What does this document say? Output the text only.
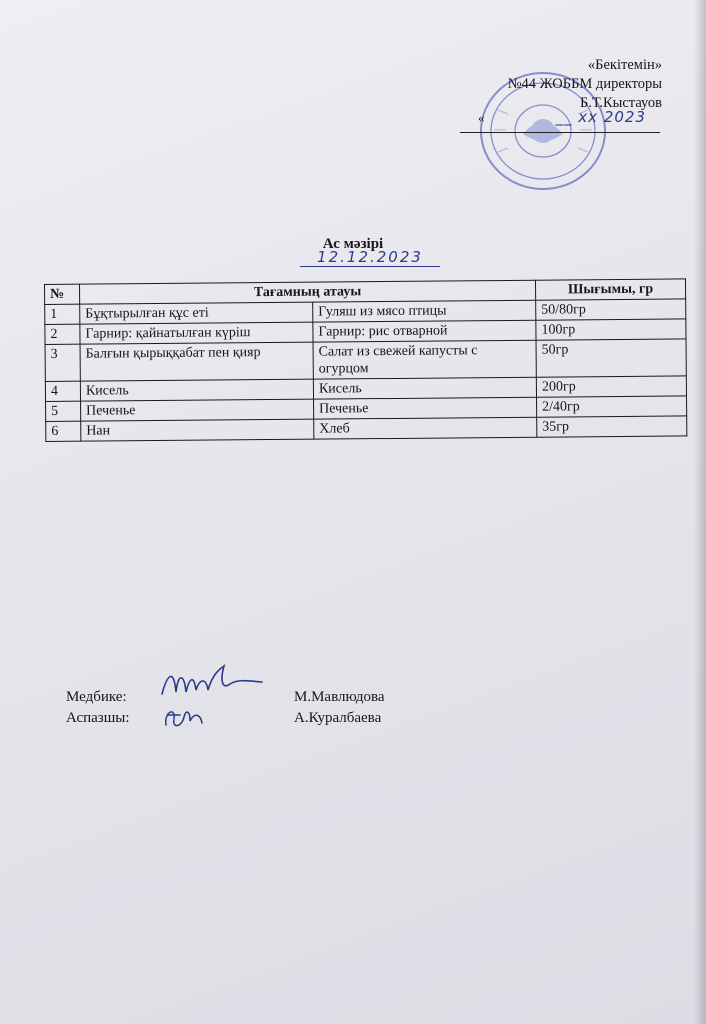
«Бекітемін»
№44 ЖОББМ директоры
Б.Т.Кыстауов
«	__ xx 2023
Ас мәзірі
12.12.2023
№	Тағамның атауы		Шығымы, гр
1	Бұқтырылған құс еті	Гуляш из мясо птицы	50/80гр
2	Гарнир: қайнатылған күріш	Гарнир: рис отварной	100гр
3	Балғын қырыққабат пен қияр	Салат из свежей капусты с огурцом	50гр
4	Кисель	Кисель	200гр
5	Печенье	Печенье	2/40гр
6	Нан	Хлеб	35гр
Медбике:	М.Мавлюдова
Аспазшы:	А.Куралбаева
